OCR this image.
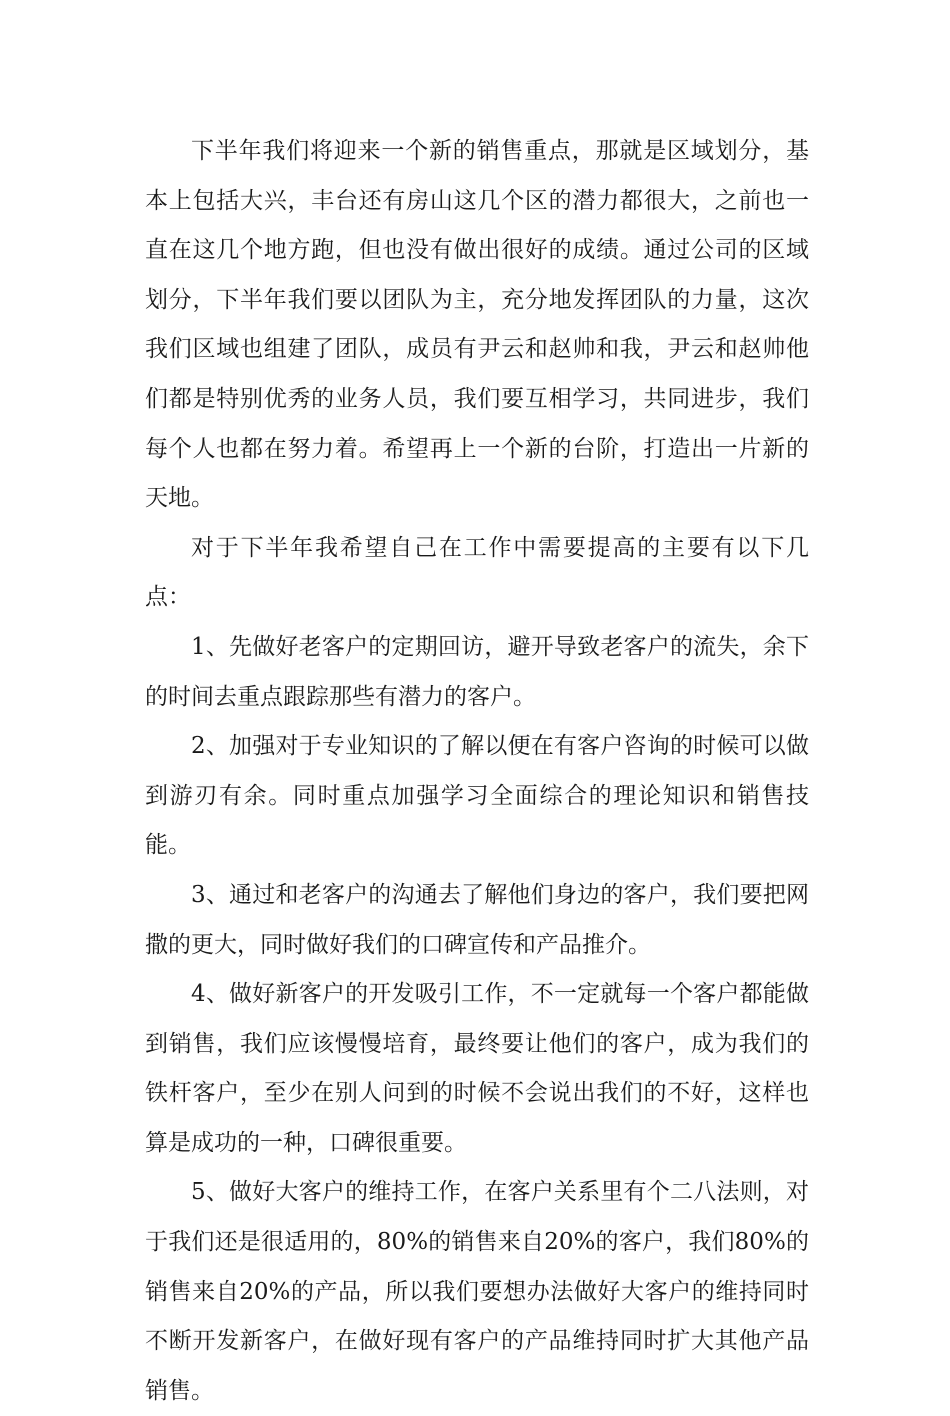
下半年我们将迎来一个新的销售重点，那就是区域划分，基本上包括大兴，丰台还有房山这几个区的潜力都很大，之前也一直在这几个地方跑，但也没有做出很好的成绩。通过公司的区域划分，下半年我们要以团队为主，充分地发挥团队的力量，这次我们区域也组建了团队，成员有尹云和赵帅和我，尹云和赵帅他们都是特别优秀的业务人员，我们要互相学习，共同进步，我们每个人也都在努力着。希望再上一个新的台阶，打造出一片新的天地。

对于下半年我希望自己在工作中需要提高的主要有以下几点：

1、先做好老客户的定期回访，避开导致老客户的流失，余下的时间去重点跟踪那些有潜力的客户。

2、加强对于专业知识的了解以便在有客户咨询的时候可以做到游刃有余。同时重点加强学习全面综合的理论知识和销售技能。

3、通过和老客户的沟通去了解他们身边的客户，我们要把网撒的更大，同时做好我们的口碑宣传和产品推介。

4、做好新客户的开发吸引工作，不一定就每一个客户都能做到销售，我们应该慢慢培育，最终要让他们的客户，成为我们的铁杆客户，至少在别人问到的时候不会说出我们的不好，这样也算是成功的一种，口碑很重要。

5、做好大客户的维持工作，在客户关系里有个二八法则，对于我们还是很适用的，80%的销售来自20%的客户，我们80%的销售来自20%的产品，所以我们要想办法做好大客户的维持同时不断开发新客户，在做好现有客户的产品维持同时扩大其他产品销售。
